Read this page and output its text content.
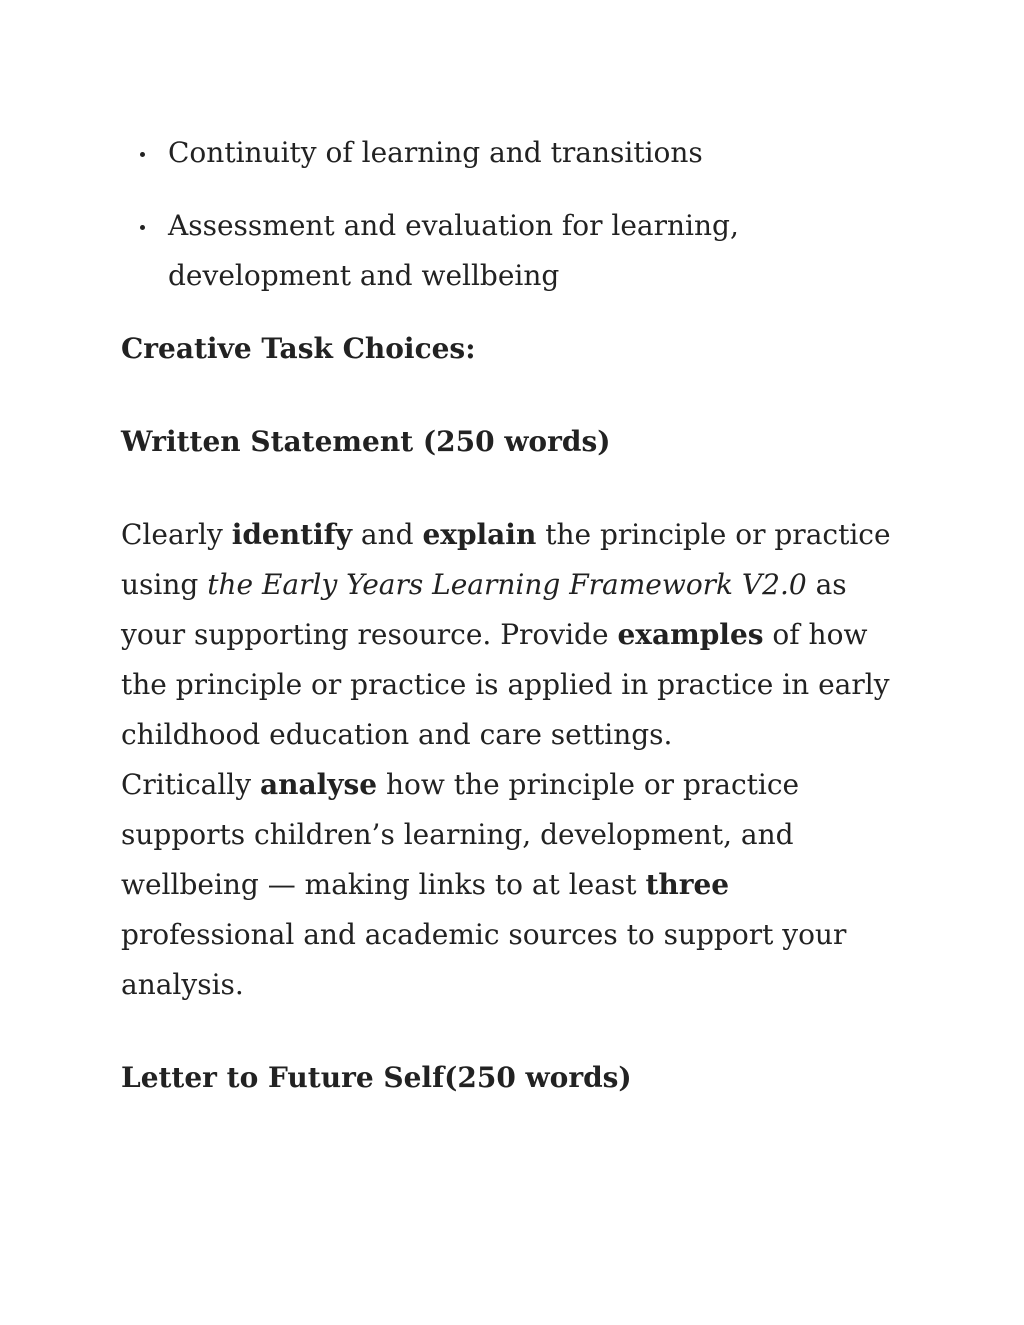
Continuity of learning and transitions
Assessment and evaluation for learning, development and wellbeing
Creative Task Choices:
Written Statement (250 words)

Clearly identify and explain the principle or practice using the Early Years Learning Framework V2.0 as your supporting resource. Provide examples of how the principle or practice is applied in practice in early childhood education and care settings.
Critically analyse how the principle or practice supports children’s learning, development, and wellbeing — making links to at least three professional and academic sources to support your analysis.

Letter to Future Self(250 words)
